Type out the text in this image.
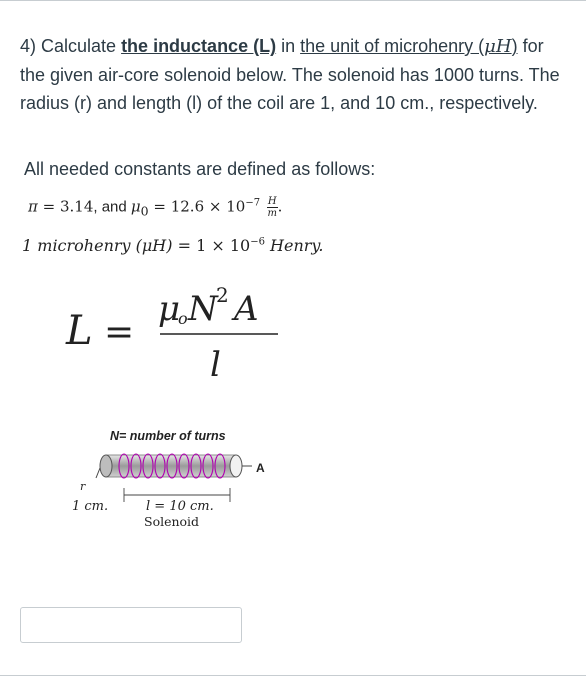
4) Calculate the inductance (L) in the unit of microhenry (μH) for the given air-core solenoid below. The solenoid has 1000 turns. The radius (r) and length (l) of the coil are 1, and 10 cm., respectively.
All needed constants are defined as follows:
π = 3.14, and $\mu_0 = 12.6 \times 10^{-7} \frac{H}{m}$ .
1 microhenry $(\mu H) = 1 \times 10^{-6}$ Henry.
L =
μ
o N
2 A
l
N= number of turns
A
r
1 cm.	l = 10 cm.
Solenoid
